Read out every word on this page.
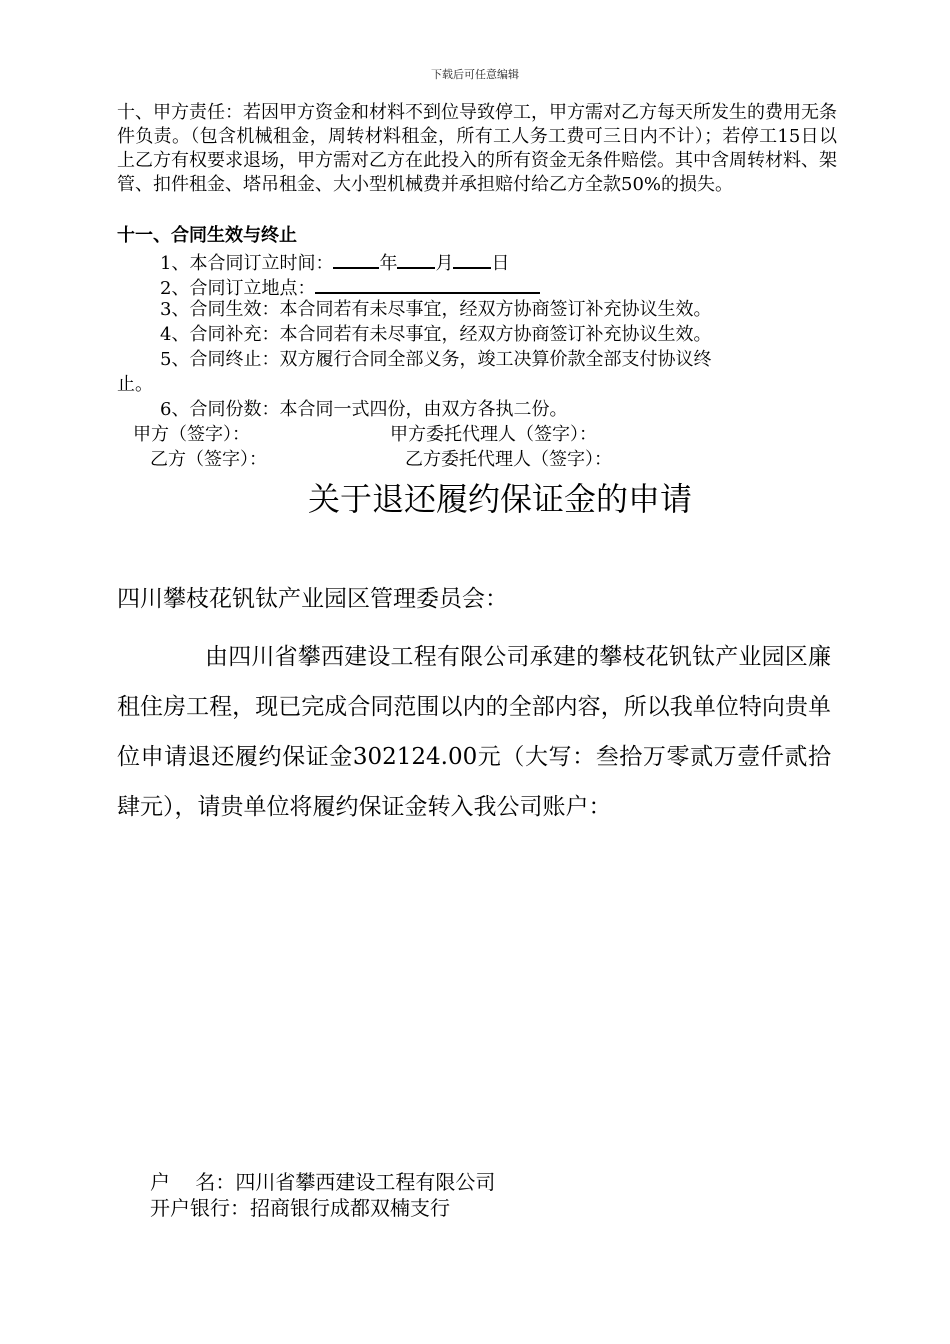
下载后可任意编辑
十、甲方责任：若因甲方资金和材料不到位导致停工，甲方需对乙方每天所发生的费用无条件负责。（包含机械租金，周转材料租金，所有工人务工费可三日内不计）；若停工15日以上乙方有权要求退场，甲方需对乙方在此投入的所有资金无条件赔偿。其中含周转材料、架管、扣件租金、塔吊租金、大小型机械费并承担赔付给乙方全款50%的损失。
十一、合同生效与终止
1、本合同订立时间：	年 月 日
2、合同订立地点：
3、合同生效：本合同若有未尽事宜，经双方协商签订补充协议生效。
4、合同补充：本合同若有未尽事宜，经双方协商签订补充协议生效。
5、合同终止：双方履行合同全部义务，竣工决算价款全部支付协议终
止。
6、合同份数：本合同一式四份，由双方各执二份。
甲方（签字）：	甲方委托代理人（签字）：
乙方（签字）：	乙方委托代理人（签字）：
关于退还履约保证金的申请
四川攀枝花钒钛产业园区管理委员会：
由四川省攀西建设工程有限公司承建的攀枝花钒钛产业园区廉租住房工程，现已完成合同范围以内的全部内容，所以我单位特向贵单位申请退还履约保证金302124.00元（大写：叁拾万零贰万壹仟贰拾肆元），请贵单位将履约保证金转入我公司账户：
户    名：四川省攀西建设工程有限公司
开户银行：招商银行成都双楠支行
